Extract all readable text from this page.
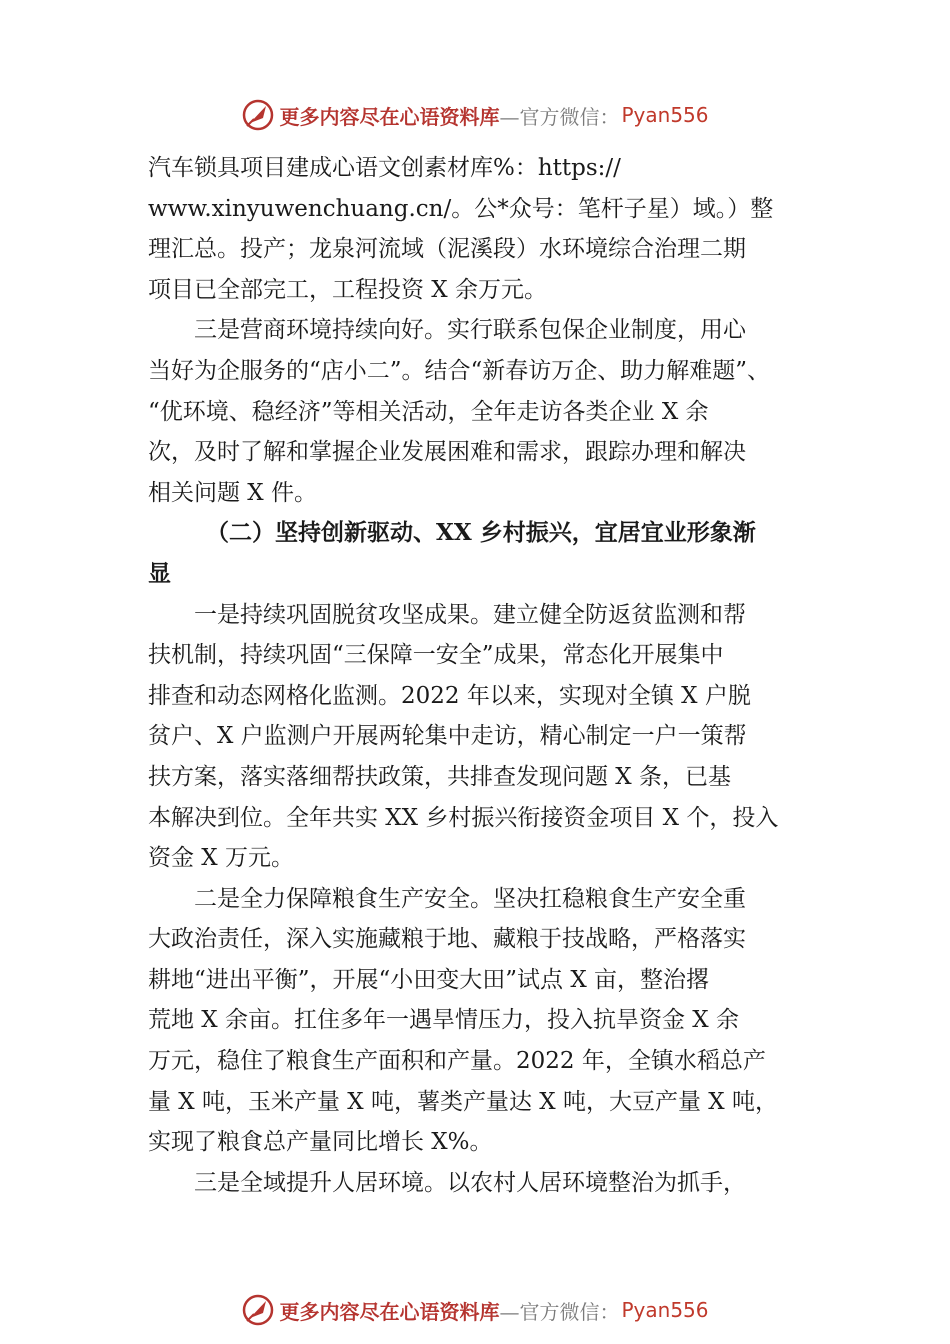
更多内容尽在心语资料库 —官方微信： Pyan556

汽车锁具项目建成心语文创素材库%：https://

www.xinyuwenchuang.cn/。公*众号：笔杆子星）域。）整

理汇总。投产；龙泉河流域（泥溪段）水环境综合治理二期

项目已全部完工，工程投资 X 余万元。

三是营商环境持续向好。实行联系包保企业制度，用心

当好为企服务的“店小二”。结合“新春访万企、助力解难题”、

“优环境、稳经济”等相关活动，全年走访各类企业 X 余

次，及时了解和掌握企业发展困难和需求，跟踪办理和解决

相关问题 X 件。

（二）坚持创新驱动、XX 乡村振兴，宜居宜业形象渐

显

一是持续巩固脱贫攻坚成果。建立健全防返贫监测和帮

扶机制，持续巩固“三保障一安全”成果，常态化开展集中

排查和动态网格化监测。2022 年以来，实现对全镇 X 户脱

贫户、X 户监测户开展两轮集中走访，精心制定一户一策帮

扶方案，落实落细帮扶政策，共排查发现问题 X 条，已基

本解决到位。全年共实 XX 乡村振兴衔接资金项目 X 个，投入

资金 X 万元。

二是全力保障粮食生产安全。坚决扛稳粮食生产安全重

大政治责任，深入实施藏粮于地、藏粮于技战略，严格落实

耕地“进出平衡”，开展“小田变大田”试点 X 亩，整治撂

荒地 X 余亩。扛住多年一遇旱情压力，投入抗旱资金 X 余

万元，稳住了粮食生产面积和产量。2022 年，全镇水稻总产

量 X 吨，玉米产量 X 吨，薯类产量达 X 吨，大豆产量 X 吨，

实现了粮食总产量同比增长 X%。

三是全域提升人居环境。以农村人居环境整治为抓手，

更多内容尽在心语资料库 —官方微信： Pyan556
